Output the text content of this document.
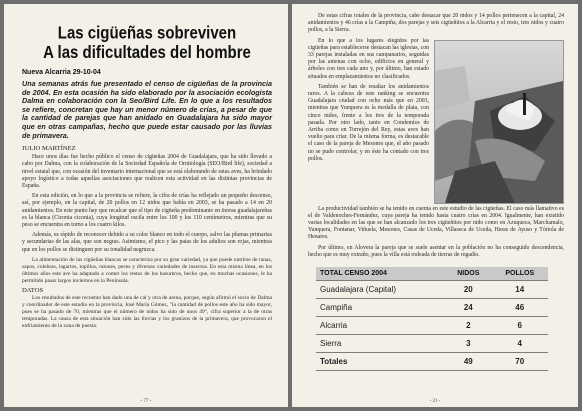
Las cigüeñas sobreviven
A las dificultades del hombre
Nueva Alcarria 29-10-04
Una semanas atrás fue presentado el censo de cigüeñas de la provincia de 2004. En esta ocasión ha sido elaborado por la asociación ecologista Dalma en colaboración con la Seo/Bird Life. En lo que a los resultados se refiere, concretan que hay un menor número de crías, a pesar de que la cantidad de parejas que han anidado en Guadalajara ha sido mayor que en otras campañas, hecho que puede estar causado por las lluvias de primavera.
JULIO MARTÍNEZ

Hace unos días fue hecho público el censo de cigüeñas 2004 de Guadalajara, que ha sido llevado a cabo por Dalma, con la colaboración de la Sociedad Española de Ornitología (SEO/Bird life), sociedad a nivel estatal que, con ocasión del inventario internacional que se está elaborando de estas aves, ha brindado apoyo logístico a todas aquellas asociaciones que realicen esta actividad en las distintas provincias de España.

En esta edición, en lo que a la provincia se refiere, la cifra de crías ha reflejado un pequeño descenso, así, por ejemplo, en la capital, de 20 pollos en 12 nidos que había en 2003, se ha pasado a 14 en 20 anidamientos. En este punto hay que recalcar que el tipo de cigüeña predominante en tierras guadalajareñas es la blanca (Ciconia ciconia), cuya longitud oscila entre los 100 y los 110 centímetros, mientras que su peso se encuentra en torno a los cuatro kilos.

Además, es rápido de reconocer debido a su color blanco en todo el cuerpo, salvo las plumas primarias y secundarias de las alas, que son negras. Asimismo, el pico y las patas de los adultos son rojas, mientras que en los pollos se distinguen por su tonalidad negruzca.

La alimentación de las cigüeñas blancas se caracteriza por su gran variedad, ya que puede nutrirse de ranas, sapos, culebras, lagartos, topillos, ratones, peces y diversas variedades de insectos. En esta misma línea, en los últimos años este ave ha adaptado a comer los restos de los basureros, hecho que, en muchas ocasiones, le ha permitido pasar largos inviernos en la Península.

DATOS

Los resultados de este recuento han dado una de cal y otra de arena, porque, según afirmó el socio de Dalma y coordinador de este estudio en la provincia, José María Gómez, "la cantidad de pollos este año ha sido mayor, pues se ha pasado de 70, mientras que el número de nidos ha sido de unos 49", cifra superior a la de otras temporadas. La causa de esta situación han sido las lluvias y los granizos de la primavera, que provocaron el enfriamiento de la zona de puesta.

- 77 -

De estas cifras totales de la provincia, cabe destacar que 20 nidos y 14 pollos pertenecen a la capital, 24 anidamientos y 46 crías a la Campiña, dos parejas y seis cigüeñitos a la Alcarria y el resto, tres nidos y cuatro pollos, a la Sierra.

En lo que a los lugares elegidos por las cigüeñas para establecerse destacan las iglesias, con 33 parejas instaladas en sus campanarios, seguidas por las antenas con ocho, edificios en general y árboles con tres cada uno y, por último, han estado situados en emplazamientos no clasificados.

También se han de resaltar los anidamientos raros. A la cabeza de este ranking se encuentra Guadalajara ciudad con ocho más que en 2003, mientras que Yunquera es la medalla de plata, con cinco nidos, frente a los tres de la temporada pasada. Por otro lado, tanto en Condemios de Arriba como en Torrejón del Rey, estas aves han vuelto para criar. De la misma forma, es destacable el caso de la pareja de Mesones que, el año pasado no se pudo controlar, y en éste ha contado con tres pollos.

La productividad también se ha tenido en cuenta en este estudio de las cigüeñas. El caso más llamativo es el de Valdenoches-Fernández, cuya pareja ha tenido hasta cuatro crías en 2004. Igualmente, han existido varias localidades en las que se han alcanzado los tres cigüeñitos por nido como en Azuqueca, Marchamalo, Yunquera, Fontanar, Viñuela, Mesones, Casas de Uceda, Villaseca de Uceda, Heras de Ayuso y Tórtola de Henares.

Por último, en Alovera la pareja que se suele asentar en la población no ha conseguido descendencia, hecho que es muy extraño, pues la villa está rodeada de tierras de regadío.

TOTAL CENSO 2004	NIDOS	POLLOS
Guadalajara (Capital)	20	14
Campiña	24	46
Alcarria	2	6
Sierra	3	4
Totales	49	70
- 21 -
